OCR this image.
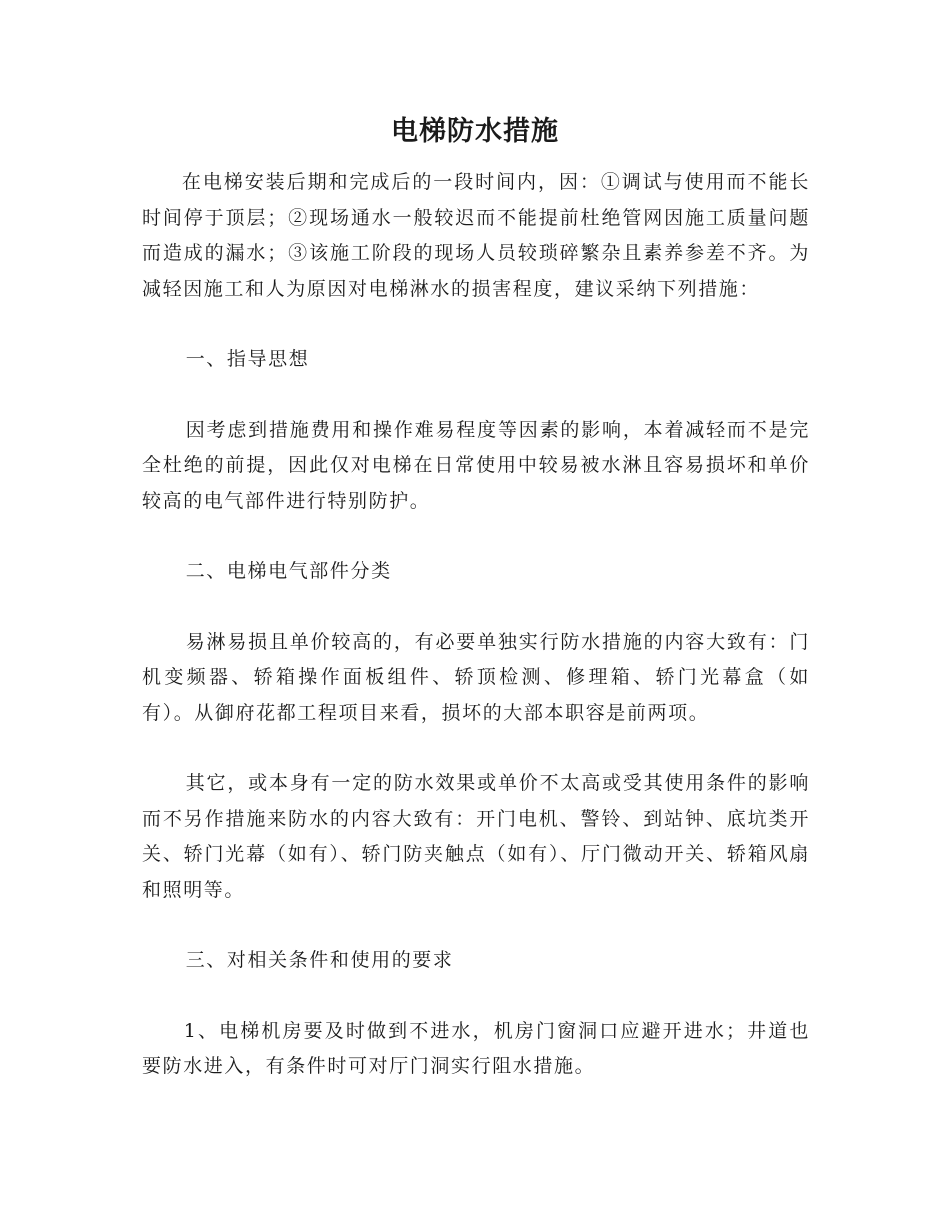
电梯防水措施

在电梯安装后期和完成后的一段时间内，因：①调试与使用而不能长时间停于顶层；②现场通水一般较迟而不能提前杜绝管网因施工质量问题而造成的漏水；③该施工阶段的现场人员较琐碎繁杂且素养参差不齐。为减轻因施工和人为原因对电梯淋水的损害程度，建议采纳下列措施：

一、指导思想

因考虑到措施费用和操作难易程度等因素的影响，本着减轻而不是完全杜绝的前提，因此仅对电梯在日常使用中较易被水淋且容易损坏和单价较高的电气部件进行特别防护。

二、电梯电气部件分类

易淋易损且单价较高的，有必要单独实行防水措施的内容大致有：门机变频器、轿箱操作面板组件、轿顶检测、修理箱、轿门光幕盒（如有）。从御府花都工程项目来看，损坏的大部本职容是前两项。

其它，或本身有一定的防水效果或单价不太高或受其使用条件的影响而不另作措施来防水的内容大致有：开门电机、警铃、到站钟、底坑类开关、轿门光幕（如有）、轿门防夹触点（如有）、厅门微动开关、轿箱风扇和照明等。

三、对相关条件和使用的要求

1、电梯机房要及时做到不进水，机房门窗洞口应避开进水；井道也要防水进入，有条件时可对厅门洞实行阻水措施。
